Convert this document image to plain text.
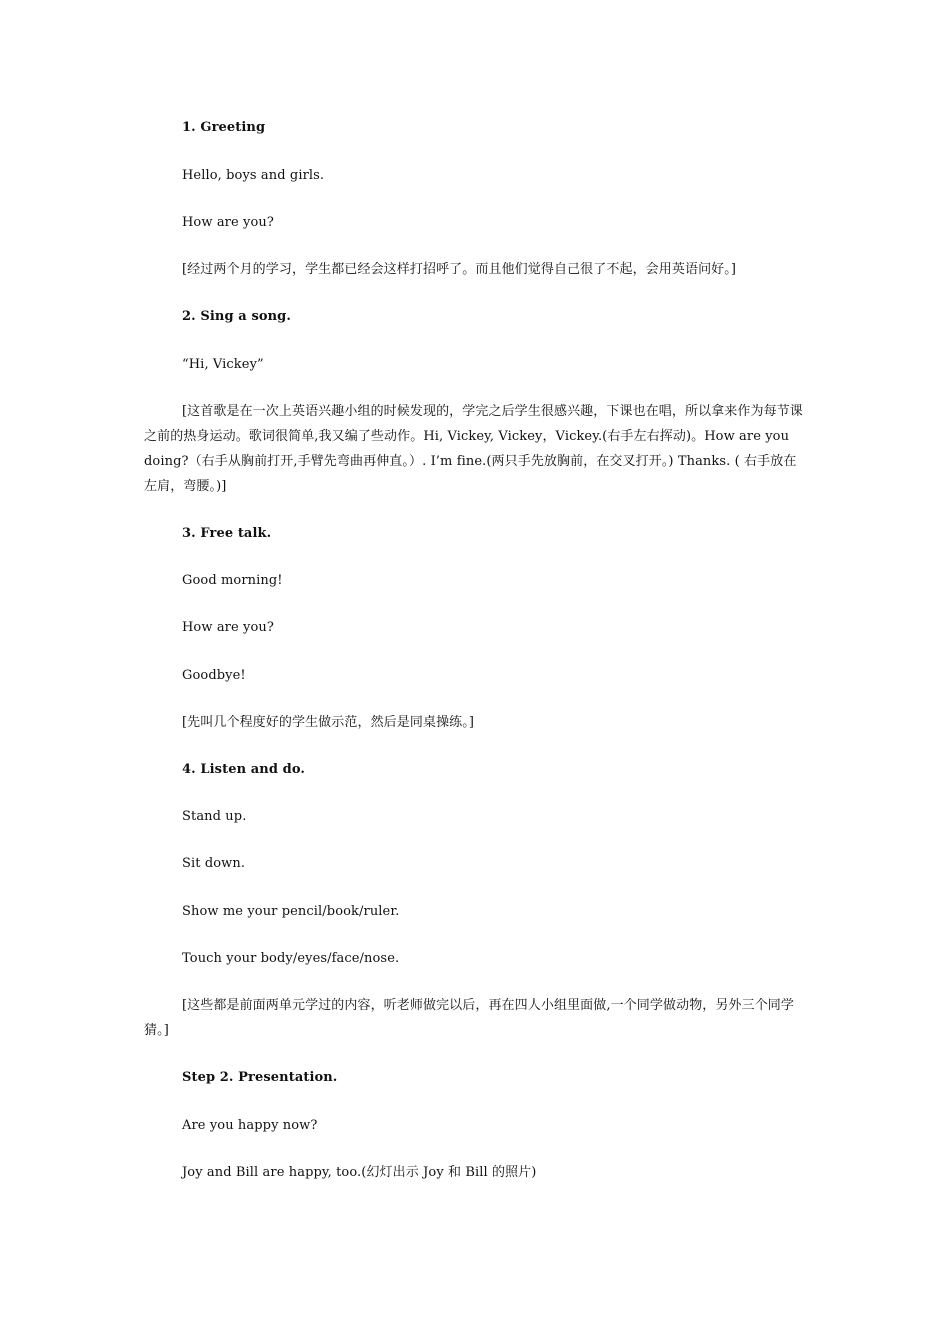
1. Greeting
Hello, boys and girls.
How are you?
[经过两个月的学习，学生都已经会这样打招呼了。而且他们觉得自己很了不起，会用英语问好。]
2. Sing a song.
“Hi, Vickey”
[这首歌是在一次上英语兴趣小组的时候发现的，学完之后学生很感兴趣，下课也在唱，所以拿来作为每节课之前的热身运动。歌词很简单,我又编了些动作。Hi, Vickey, Vickey，Vickey.(右手左右挥动)。How are you doing?（右手从胸前打开,手臂先弯曲再伸直。）. I’m fine.(两只手先放胸前，在交叉打开。) Thanks. ( 右手放在左肩，弯腰。)]
3. Free talk.
Good morning!
How are you?
Goodbye!
[先叫几个程度好的学生做示范，然后是同桌操练。]
4. Listen and do.
Stand up.
Sit down.
Show me your pencil/book/ruler.
Touch your body/eyes/face/nose.
[这些都是前面两单元学过的内容，听老师做完以后，再在四人小组里面做,一个同学做动物，另外三个同学猜。]
Step 2. Presentation.
Are you happy now?
Joy and Bill are happy, too.(幻灯出示 Joy 和 Bill 的照片)
